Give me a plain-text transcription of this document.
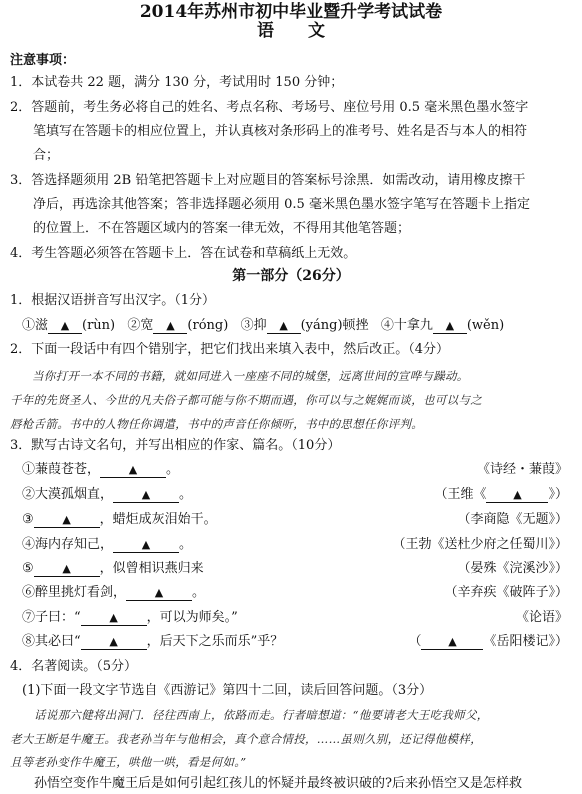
2014年苏州市初中毕业暨升学考试试卷
语　　文
注意事项：
1．本试卷共 22 题，满分 130 分，考试用时 150 分钟；
2．答题前，考生务必将自己的姓名、考点名称、考场号、座位号用 0.5 毫米黑色墨水签字
笔填写在答题卡的相应位置上，并认真核对条形码上的准考号、姓名是否与本人的相符
合；
3．答选择题须用 2B 铅笔把答题卡上对应题目的答案标号涂黑．如需改动，请用橡皮擦干
净后，再选涂其他答案；答非选择题必须用 0.5 毫米黑色墨水签字笔写在答题卡上指定
的位置上．不在答题区域内的答案一律无效，不得用其他笔答题；
4．考生答题必须答在答题卡上．答在试卷和草稿纸上无效。
第一部分（26分）
1．根据汉语拼音写出汉字。（1分）
①滋 ▲ (rùn) ②宽 ▲ (róng) ③抑 ▲ (yáng)顿挫 ④十拿九 ▲ (wěn)
2．下面一段话中有四个错别字，把它们找出来填入表中，然后改正。（4分）
当你打开一本不同的书籍，就如同进入一座座不同的城堡，远离世间的宣哗与躁动。
千年的先贤圣人、今世的凡夫俗子都可能与你不期而遇，你可以与之娓娓而谈，也可以与之
唇枪舌箭。书中的人物任你调遣，书中的声音任你倾听，书中的思想任你评判。
3．默写古诗文名句，并写出相应的作家、篇名。（10分）
①蒹葭苍苍，	▲ 。	《诗经・蒹葭》
②大漠孤烟直，	▲ 。	（王维《 ▲ 》）
③	▲ ，蜡炬成灰泪始干。	（李商隐《无题》）
④海内存知己，	▲ 。	（王勃《送杜少府之任蜀川》）
⑤	▲ ，似曾相识燕归来	（晏殊《浣溪沙》）
⑥醉里挑灯看剑，	▲ 。	（辛弃疾《破阵子》）
⑦子曰：“	▲ ，可以为师矣。”	《论语》
⑧其必曰“	▲ ，后天下之乐而乐”乎？	（ ▲ 《岳阳楼记》）
4．名著阅读。（5分）
(1)下面一段文字节选自《西游记》第四十二回，读后回答问题。（3分）
话说那六健将出洞门．径往西南上，依路而走。行者暗想道：“他要请老大王吃我师父，
老大王断是牛魔王。我老孙当年与他相会，真个意合情投，……虽则久别，还记得他模样，
且等老孙变作牛魔王，哄他一哄，看是何如。”
孙悟空变作牛魔王后是如何引起红孩儿的怀疑并最终被识破的?后来孙悟空又是怎样救
